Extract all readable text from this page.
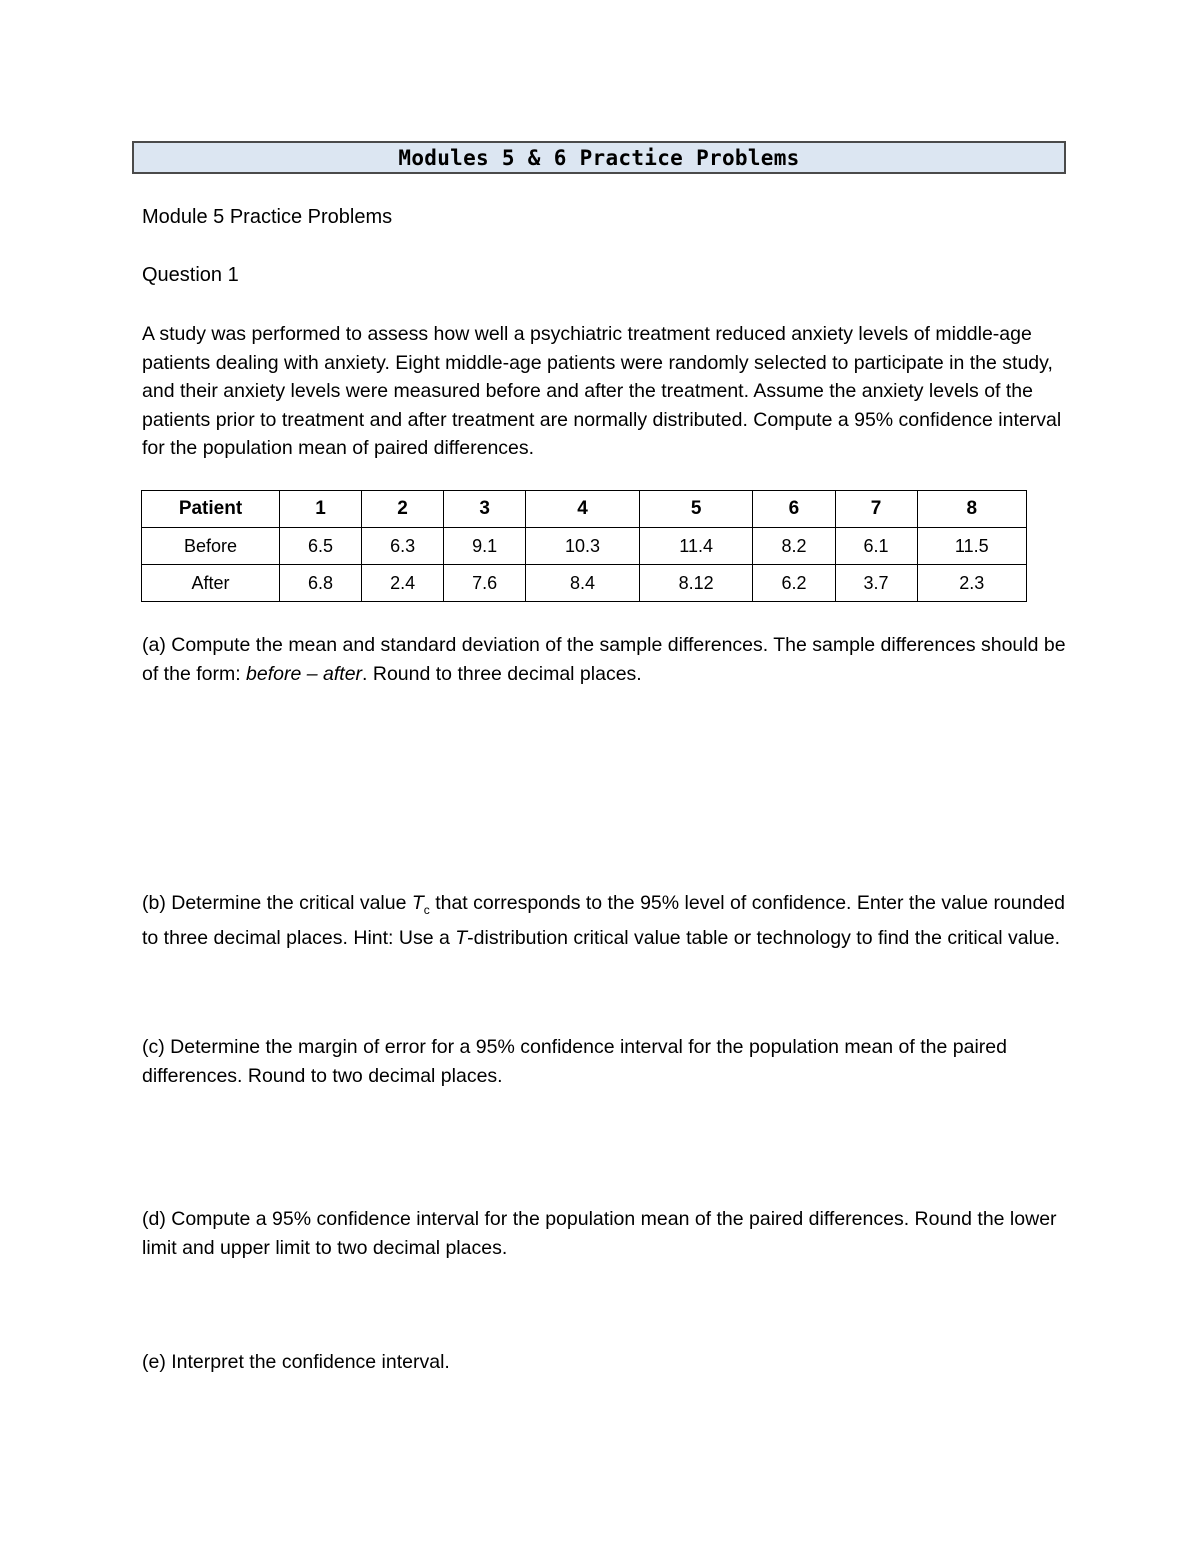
Modules 5 & 6 Practice Problems
Module 5 Practice Problems
Question 1
A study was performed to assess how well a psychiatric treatment reduced anxiety levels of middle-age patients dealing with anxiety. Eight middle-age patients were randomly selected to participate in the study, and their anxiety levels were measured before and after the treatment. Assume the anxiety levels of the patients prior to treatment and after treatment are normally distributed. Compute a 95% confidence interval for the population mean of paired differences.
Patient	1	2	3	4	5	6	7	8
Before	6.5	6.3	9.1	10.3	11.4	8.2	6.1	11.5
After	6.8	2.4	7.6	8.4	8.12	6.2	3.7	2.3
(a) Compute the mean and standard deviation of the sample differences. The sample differences should be of the form: before – after. Round to three decimal places.
(b) Determine the critical value $T_c$ that corresponds to the 95% level of confidence. Enter the value rounded to three decimal places. Hint: Use a T-distribution critical value table or technology to find the critical value.
(c) Determine the margin of error for a 95% confidence interval for the population mean of the paired differences. Round to two decimal places.
(d) Compute a 95% confidence interval for the population mean of the paired differences. Round the lower limit and upper limit to two decimal places.
(e) Interpret the confidence interval.
